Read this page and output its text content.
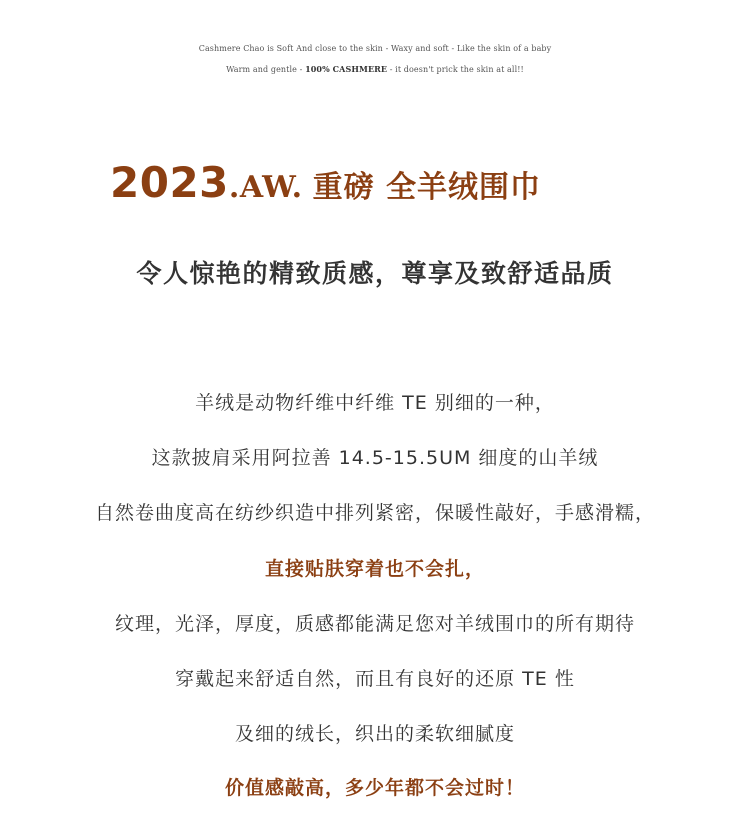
Cashmere Chao is Soft And close to the skin - Waxy and soft - Like the skin of a baby
Warm and gentle - 100% CASHMERE - it doesn't prick the skin at all!!
2023 .AW. 重磅 全羊绒围巾
令人惊艳的精致质感，尊享及致舒适品质
羊绒是动物纤维中纤维 TE 别细的一种，
这款披肩采用阿拉善 14.5-15.5UM 细度的山羊绒
自然卷曲度高在纺纱织造中排列紧密，保暖性敲好，手感滑糯，
直接贴肤穿着也不会扎，
纹理，光泽，厚度，质感都能满足您对羊绒围巾的所有期待
穿戴起来舒适自然，而且有良好的还原 TE 性
及细的绒长，织出的柔软细腻度
价值感敲高，多少年都不会过时！
